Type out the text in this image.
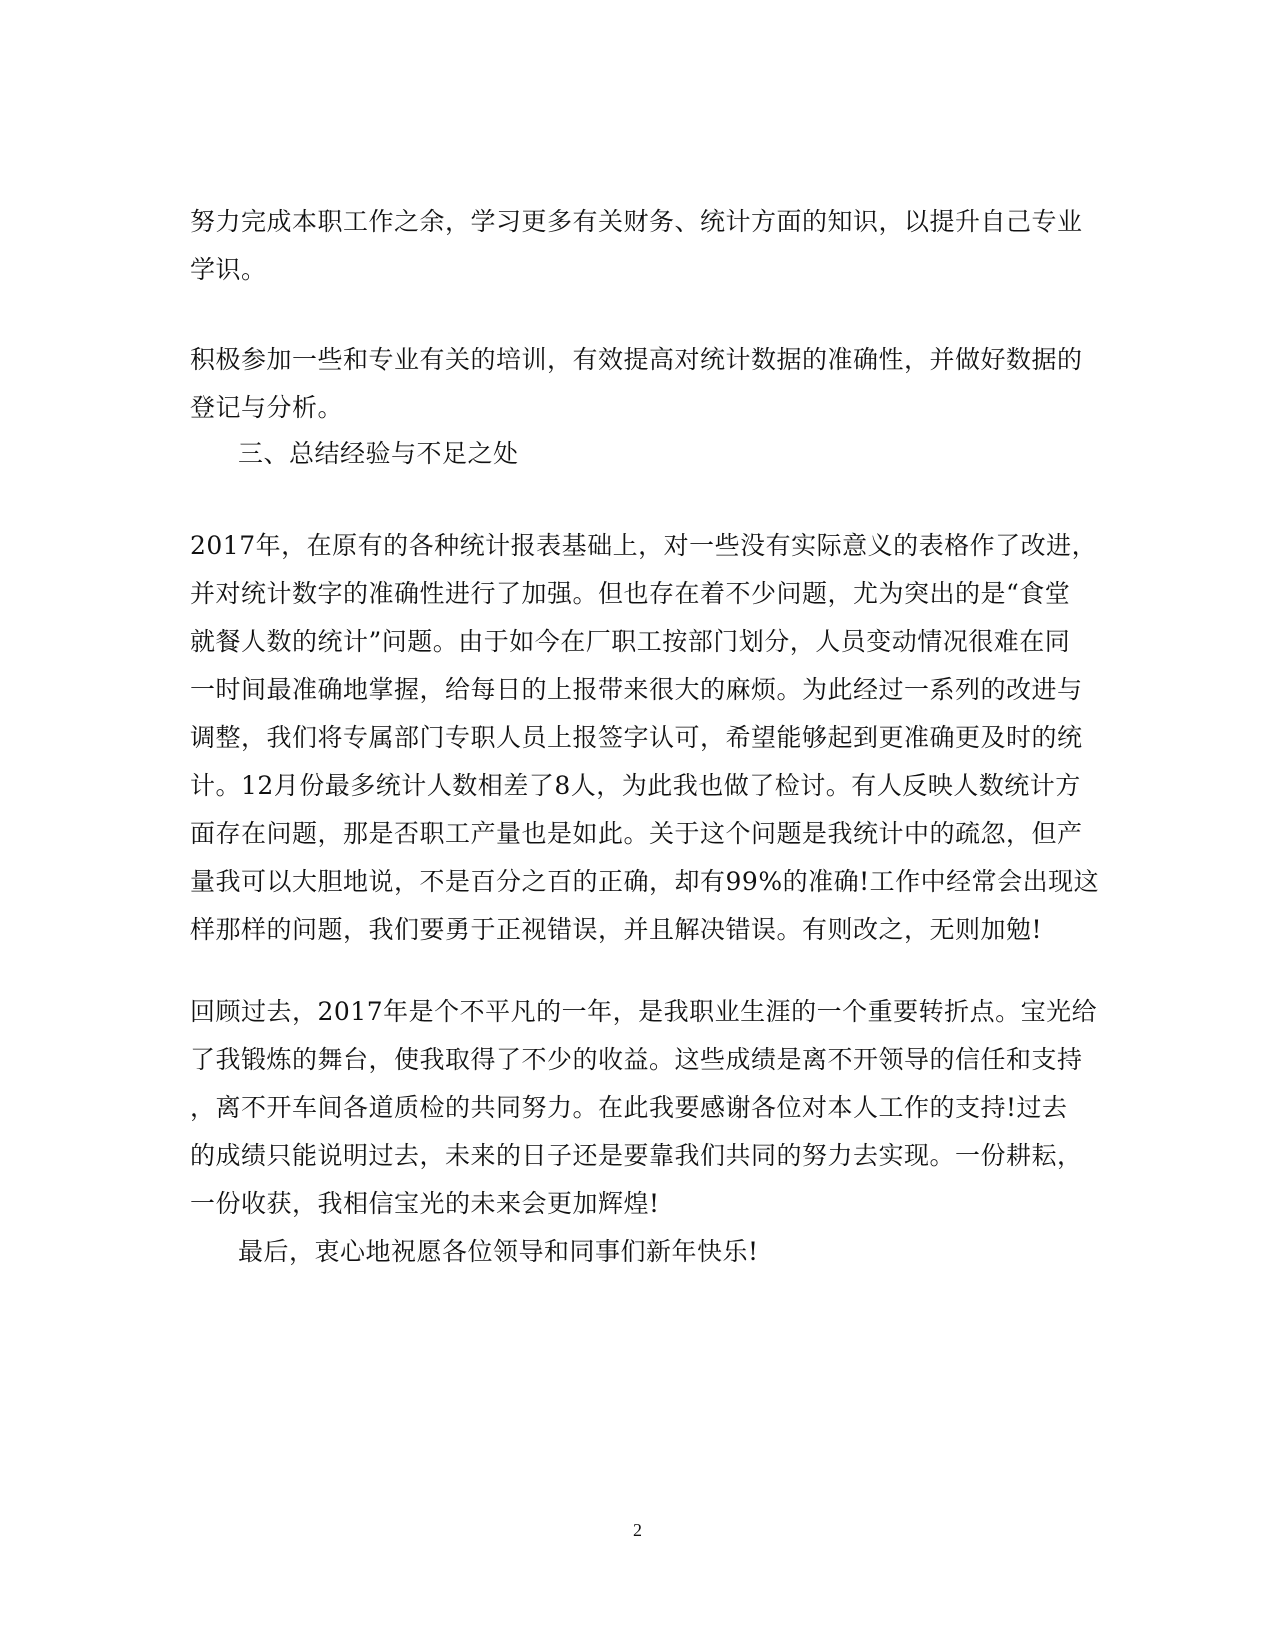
努力完成本职工作之余，学习更多有关财务、统计方面的知识，以提升自己专业
学识。
积极参加一些和专业有关的培训，有效提高对统计数据的准确性，并做好数据的
登记与分析。
三、总结经验与不足之处
2017年，在原有的各种统计报表基础上，对一些没有实际意义的表格作了改进，
并对统计数字的准确性进行了加强。但也存在着不少问题，尤为突出的是“食堂
就餐人数的统计”问题。由于如今在厂职工按部门划分，人员变动情况很难在同
一时间最准确地掌握，给每日的上报带来很大的麻烦。为此经过一系列的改进与
调整，我们将专属部门专职人员上报签字认可，希望能够起到更准确更及时的统
计。12月份最多统计人数相差了8人，为此我也做了检讨。有人反映人数统计方
面存在问题，那是否职工产量也是如此。关于这个问题是我统计中的疏忽，但产
量我可以大胆地说，不是百分之百的正确，却有99%的准确!工作中经常会出现这
样那样的问题，我们要勇于正视错误，并且解决错误。有则改之，无则加勉!
回顾过去，2017年是个不平凡的一年，是我职业生涯的一个重要转折点。宝光给
了我锻炼的舞台，使我取得了不少的收益。这些成绩是离不开领导的信任和支持
，离不开车间各道质检的共同努力。在此我要感谢各位对本人工作的支持!过去
的成绩只能说明过去，未来的日子还是要靠我们共同的努力去实现。一份耕耘，
一份收获，我相信宝光的未来会更加辉煌!
最后，衷心地祝愿各位领导和同事们新年快乐!
2
